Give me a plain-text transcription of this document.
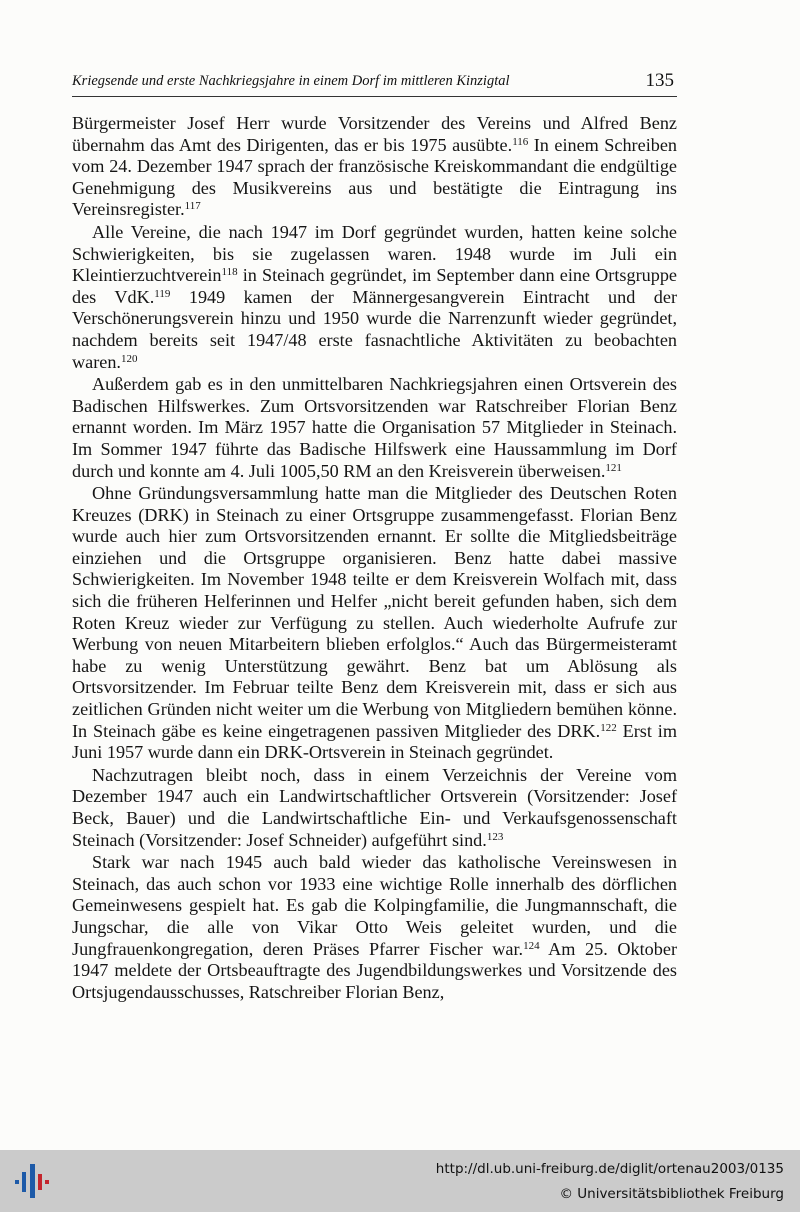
Kriegsende und erste Nachkriegsjahre in einem Dorf im mittleren Kinzigtal	135

Bürgermeister Josef Herr wurde Vorsitzender des Vereins und Alfred Benz übernahm das Amt des Dirigenten, das er bis 1975 ausübte.$^{116}$ In einem Schreiben vom 24. Dezember 1947 sprach der französische Kreiskommandant die endgültige Genehmigung des Musikvereins aus und bestätigte die Eintragung ins Vereinsregister.$^{117}$

Alle Vereine, die nach 1947 im Dorf gegründet wurden, hatten keine solche Schwierigkeiten, bis sie zugelassen waren. 1948 wurde im Juli ein Kleintierzuchtverein$^{118}$ in Steinach gegründet, im September dann eine Ortsgruppe des VdK.$^{119}$ 1949 kamen der Männergesangverein Eintracht und der Verschönerungsverein hinzu und 1950 wurde die Narrenzunft wieder gegründet, nachdem bereits seit 1947/48 erste fasnachtliche Aktivitäten zu beobachten waren.$^{120}$

Außerdem gab es in den unmittelbaren Nachkriegsjahren einen Ortsverein des Badischen Hilfswerkes. Zum Ortsvorsitzenden war Ratschreiber Florian Benz ernannt worden. Im März 1957 hatte die Organisation 57 Mitglieder in Steinach. Im Sommer 1947 führte das Badische Hilfswerk eine Haussammlung im Dorf durch und konnte am 4. Juli 1005,50 RM an den Kreisverein überweisen.$^{121}$

Ohne Gründungsversammlung hatte man die Mitglieder des Deutschen Roten Kreuzes (DRK) in Steinach zu einer Ortsgruppe zusammengefasst. Florian Benz wurde auch hier zum Ortsvorsitzenden ernannt. Er sollte die Mitgliedsbeiträge einziehen und die Ortsgruppe organisieren. Benz hatte dabei massive Schwierigkeiten. Im November 1948 teilte er dem Kreisverein Wolfach mit, dass sich die früheren Helferinnen und Helfer „nicht bereit gefunden haben, sich dem Roten Kreuz wieder zur Verfügung zu stellen. Auch wiederholte Aufrufe zur Werbung von neuen Mitarbeitern blieben erfolglos.“ Auch das Bürgermeisteramt habe zu wenig Unterstützung gewährt. Benz bat um Ablösung als Ortsvorsitzender. Im Februar teilte Benz dem Kreisverein mit, dass er sich aus zeitlichen Gründen nicht weiter um die Werbung von Mitgliedern bemühen könne. In Steinach gäbe es keine eingetragenen passiven Mitglieder des DRK.$^{122}$ Erst im Juni 1957 wurde dann ein DRK-Ortsverein in Steinach gegründet.

Nachzutragen bleibt noch, dass in einem Verzeichnis der Vereine vom Dezember 1947 auch ein Landwirtschaftlicher Ortsverein (Vorsitzender: Josef Beck, Bauer) und die Landwirtschaftliche Ein- und Verkaufsgenossenschaft Steinach (Vorsitzender: Josef Schneider) aufgeführt sind.$^{123}$

Stark war nach 1945 auch bald wieder das katholische Vereinswesen in Steinach, das auch schon vor 1933 eine wichtige Rolle innerhalb des dörflichen Gemeinwesens gespielt hat. Es gab die Kolpingfamilie, die Jungmannschaft, die Jungschar, die alle von Vikar Otto Weis geleitet wurden, und die Jungfrauenkongregation, deren Präses Pfarrer Fischer war.$^{124}$ Am 25. Oktober 1947 meldete der Ortsbeauftragte des Jugendbildungswerkes und Vorsitzende des Ortsjugendausschusses, Ratschreiber Florian Benz,

http://dl.ub.uni-freiburg.de/diglit/ortenau2003/0135
© Universitätsbibliothek Freiburg
